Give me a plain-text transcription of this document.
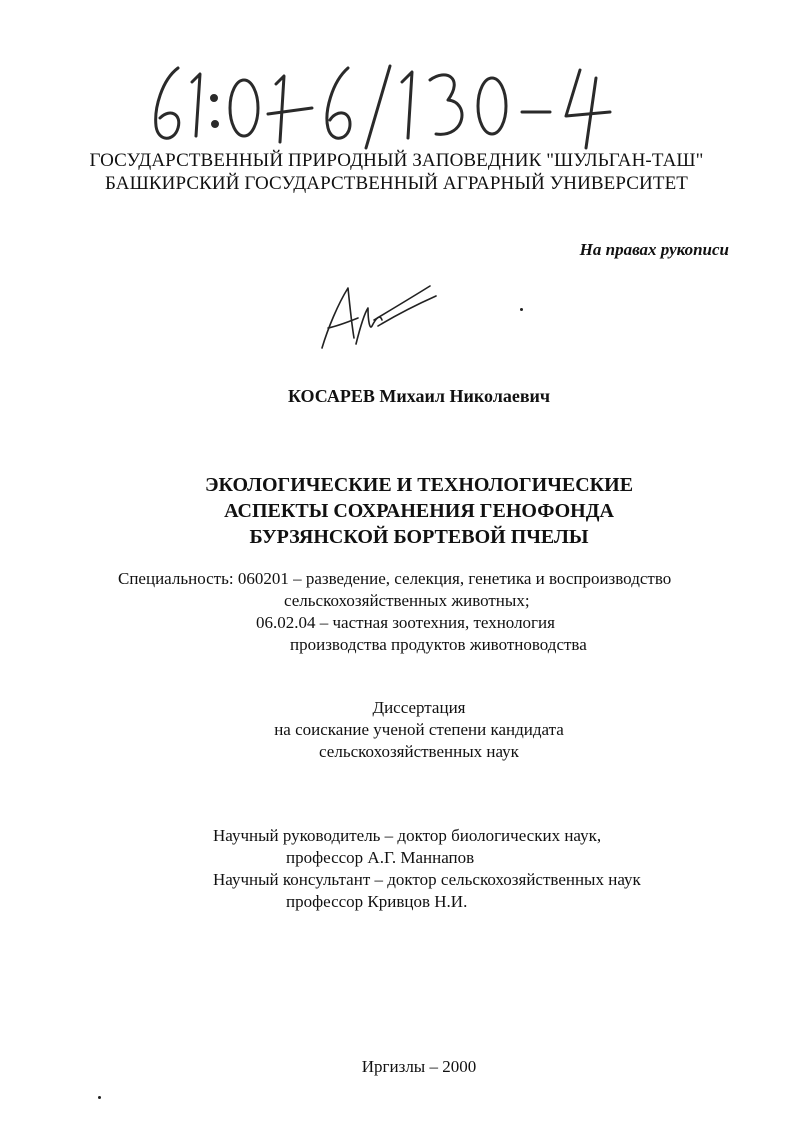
ГОСУДАРСТВЕННЫЙ ПРИРОДНЫЙ ЗАПОВЕДНИК "ШУЛЬГАН-ТАШ"
БАШКИРСКИЙ ГОСУДАРСТВЕННЫЙ АГРАРНЫЙ УНИВЕРСИТЕТ
На правах рукописи
КОСАРЕВ Михаил Николаевич
ЭКОЛОГИЧЕСКИЕ И ТЕХНОЛОГИЧЕСКИЕ
АСПЕКТЫ СОХРАНЕНИЯ ГЕНОФОНДА
БУРЗЯНСКОЙ БОРТЕВОЙ ПЧЕЛЫ
Специальность: 060201 – разведение, селекция, генетика и воспроизводство
сельскохозяйственных животных;
06.02.04 – частная зоотехния, технология
производства продуктов животноводства
Диссертация
на соискание ученой степени кандидата
сельскохозяйственных наук
Научный руководитель – доктор биологических наук,
профессор А.Г. Маннапов
Научный консультант – доктор сельскохозяйственных наук
профессор Кривцов Н.И.
Иргизлы – 2000
